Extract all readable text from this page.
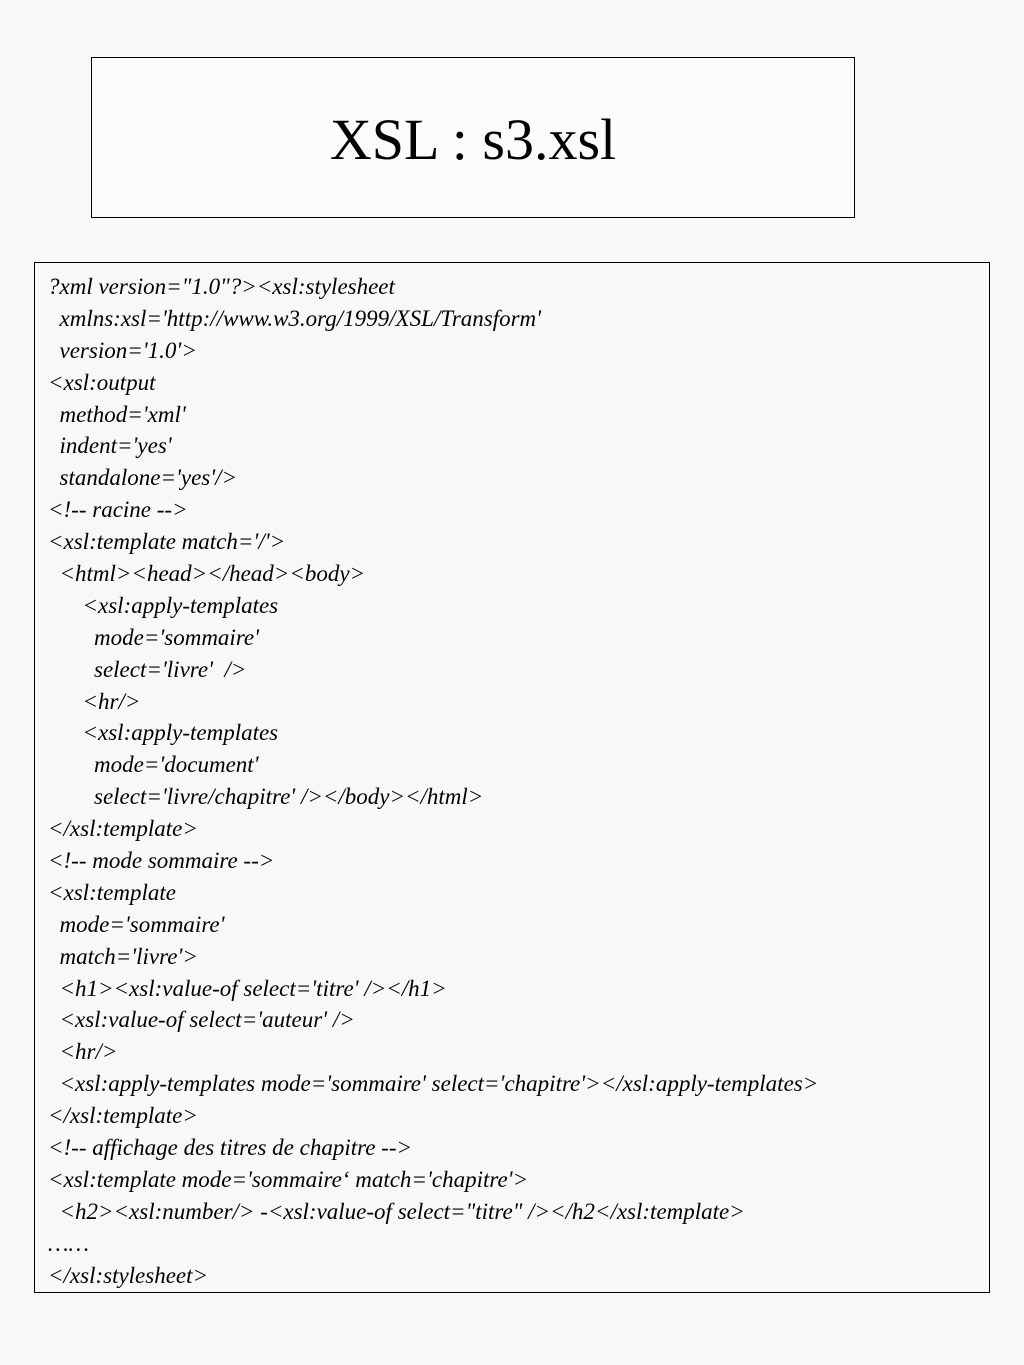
XSL : s3.xsl
?xml version="1.0"?><xsl:stylesheet
xmlns:xsl='http://www.w3.org/1999/XSL/Transform'
version='1.0'>
<xsl:output
method='xml'
indent='yes'
standalone='yes'/>
<!-- racine -->
<xsl:template match='/'>
<html><head></head><body>
<xsl:apply-templates
mode='sommaire'
select='livre'  />
<hr/>
<xsl:apply-templates
mode='document'
select='livre/chapitre' /></body></html>
</xsl:template>
<!-- mode sommaire -->
<xsl:template
mode='sommaire'
match='livre'>
<h1><xsl:value-of select='titre' /></h1>
<xsl:value-of select='auteur' />
<hr/>
<xsl:apply-templates mode='sommaire' select='chapitre'></xsl:apply-templates>
</xsl:template>
<!-- affichage des titres de chapitre -->
<xsl:template mode='sommaire‘ match='chapitre'>
<h2><xsl:number/> -<xsl:value-of select="titre" /></h2</xsl:template>
……
</xsl:stylesheet>
